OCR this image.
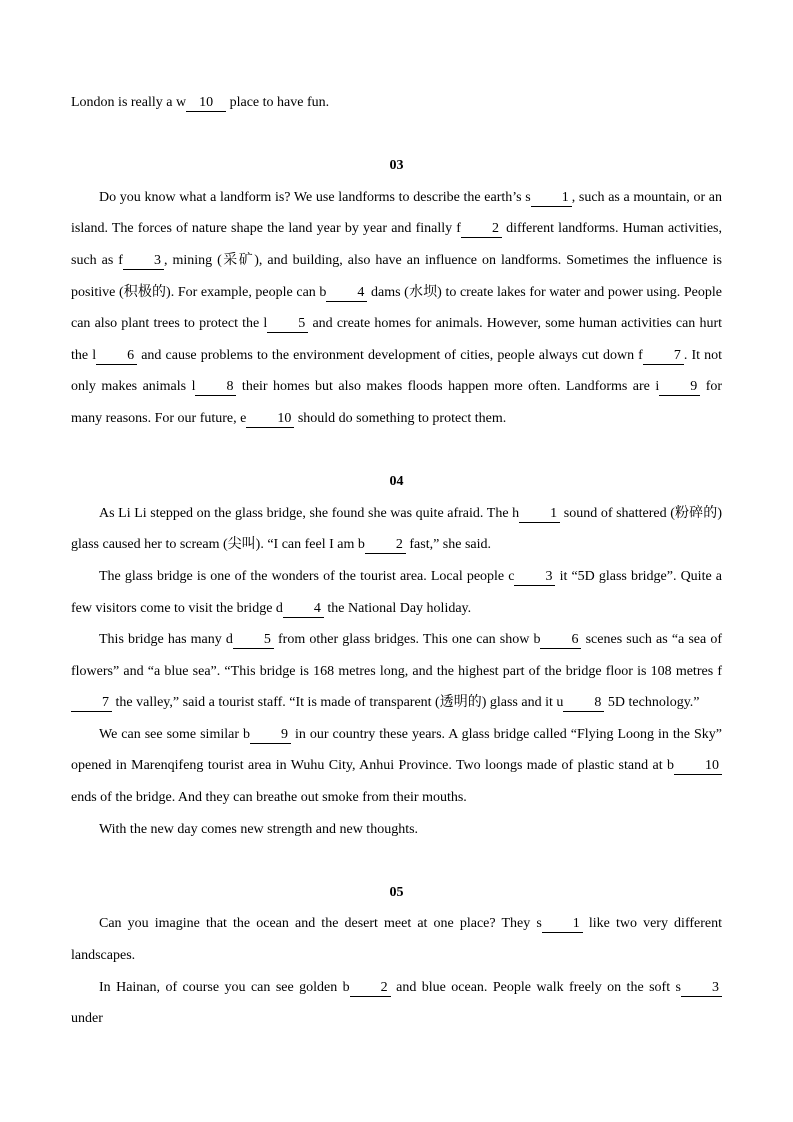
London is really a w 10 place to have fun.

03

Do you know what a landform is? We use landforms to describe the earth’s s 1 , such as a mountain, or an island. The forces of nature shape the land year by year and finally f 2 different landforms. Human activities, such as f 3 , mining (采矿), and building, also have an influence on landforms. Sometimes the influence is positive (积极的). For example, people can b 4 dams (水坝) to create lakes for water and power using. People can also plant trees to protect the l 5 and create homes for animals. However, some human activities can hurt the l 6 and cause problems to the environment development of cities, people always cut down f 7 . It not only makes animals l 8 their homes but also makes floods happen more often. Landforms are i 9 for many reasons. For our future, e 10 should do something to protect them.

04

As Li Li stepped on the glass bridge, she found she was quite afraid. The h 1 sound of shattered (粉碎的) glass caused her to scream (尖叫). “I can feel I am b 2 fast,” she said.

The glass bridge is one of the wonders of the tourist area. Local people c 3 it “5D glass bridge”. Quite a few visitors come to visit the bridge d 4 the National Day holiday.

This bridge has many d 5 from other glass bridges. This one can show b 6 scenes such as “a sea of flowers” and “a blue sea”. “This bridge is 168 metres long, and the highest part of the bridge floor is 108 metres f7 the valley,” said a tourist staff. “It is made of transparent (透明的) glass and it u 8 5D technology.”

We can see some similar b 9 in our country these years. A glass bridge called “Flying Loong in the Sky” opened in Marenqifeng tourist area in Wuhu City, Anhui Province. Two loongs made of plastic stand at b 10 ends of the bridge. And they can breathe out smoke from their mouths.

With the new day comes new strength and new thoughts.

05

Can you imagine that the ocean and the desert meet at one place? They s 1 like two very different landscapes.

In Hainan, of course you can see golden b 2 and blue ocean. People walk freely on the soft s 3 under
